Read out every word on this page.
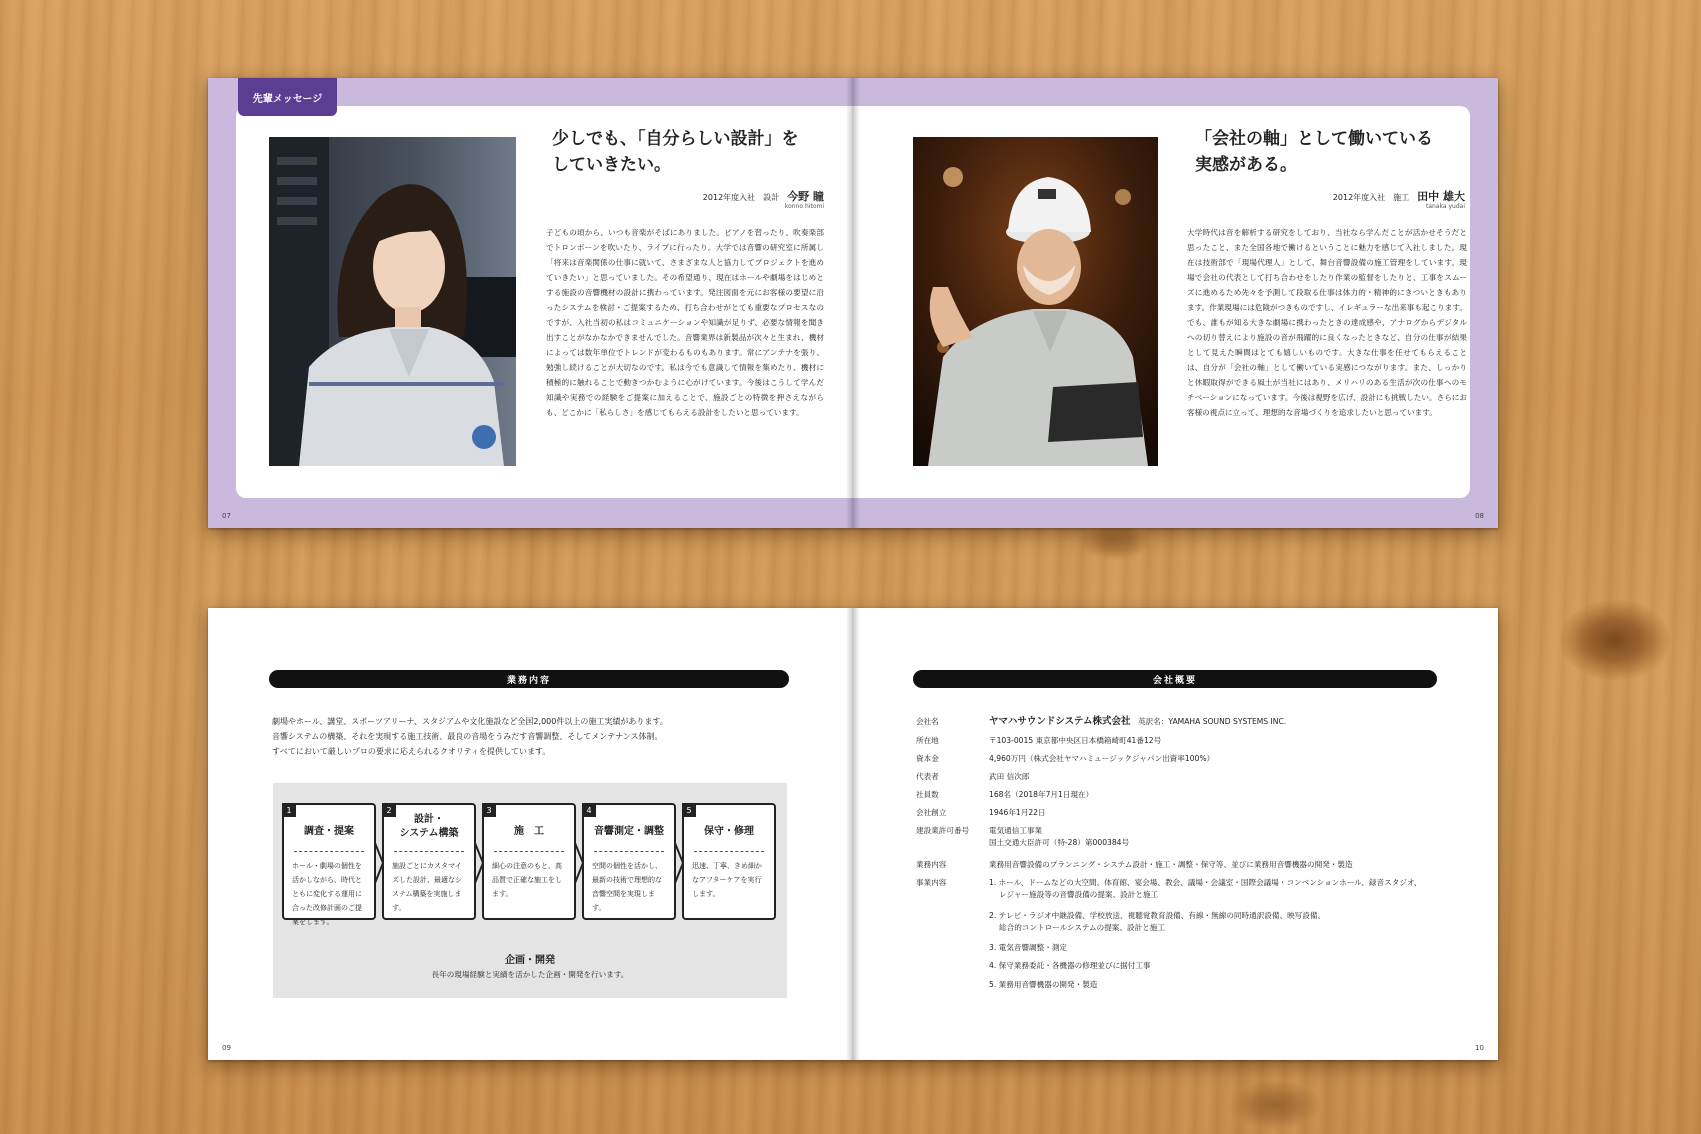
先輩メッセージ
少しでも、「自分らしい設計」を
していきたい。
2012年度入社　設計 今野 瞳
konno hitomi
子どもの頃から、いつも音楽がそばにありました。ピアノを習ったり、吹奏楽部でトロンボーンを吹いたり、ライブに行ったり。大学では音響の研究室に所属し「将来は音楽関係の仕事に就いて、さまざまな人と協力してプロジェクトを進めていきたい」と思っていました。その希望通り、現在はホールや劇場をはじめとする施設の音響機材の設計に携わっています。発注図面を元にお客様の要望に沿ったシステムを検討・ご提案するため、打ち合わせがとても重要なプロセスなのですが、入社当初の私はコミュニケーションや知識が足りず、必要な情報を聞き出すことがなかなかできませんでした。音響業界は新製品が次々と生まれ、機材によっては数年単位でトレンドが変わるものもあります。常にアンテナを張り、勉強し続けることが大切なのです。私は今でも意識して情報を集めたり、機材に積極的に触れることで動きつかむように心がけています。今後はこうして学んだ知識や実務での経験をご提案に加えることで、施設ごとの特徴を押さえながらも、どこかに「私らしさ」を感じてもらえる設計をしたいと思っています。
07
「会社の軸」として働いている
実感がある。
2012年度入社　施工 田中 雄大
tanaka yudai
大学時代は音を解析する研究をしており、当社なら学んだことが活かせそうだと思ったこと、また全国各地で働けるということに魅力を感じて入社しました。現在は技術部で「現場代理人」として、舞台音響設備の施工管理をしています。現場で会社の代表として打ち合わせをしたり作業の監督をしたりと、工事をスムーズに進めるため先々を予測して段取る仕事は体力的・精神的にきついときもあります。作業現場には危険がつきものですし、イレギュラーな出来事も起こります。でも、誰もが知る大きな劇場に携わったときの達成感や、アナログからデジタルへの切り替えにより施設の音が飛躍的に良くなったときなど、自分の仕事が結果として見えた瞬間はとても嬉しいものです。大きな仕事を任せてもらえることは、自分が「会社の軸」として働いている実感につながります。また、しっかりと休暇取得ができる風土が当社にはあり、メリハリのある生活が次の仕事へのモチベーションになっています。今後は視野を広げ、設計にも挑戦したい。さらにお客様の視点に立って、理想的な音場づくりを追求したいと思っています。
08
業務内容
劇場やホール、講堂、スポーツアリーナ、スタジアムや文化施設など全国2,000件以上の施工実績があります。
音響システムの構築、それを実現する施工技術、最良の音場をうみだす音響調整、そしてメンテナンス体制。
すべてにおいて厳しいプロの要求に応えられるクオリティを提供しています。
1
調査・提案
ホール・劇場の個性を活かしながら、時代とともに変化する運用に合った改修計画のご提案をします。
2
設計・
システム構築
施設ごとにカスタマイズした設計、最適なシステム構築を実施します。
3
施　工
細心の注意のもと、高品質で正確な施工をします。
4
音響測定・調整
空間の個性を活かし、最新の技術で理想的な音響空間を実現します。
5
保守・修理
迅速、丁寧、きめ細かなアフターケアを実行します。
企画・開発
長年の現場経験と実績を活かした企画・開発を行います。
09
会社概要
会社名	ヤマハサウンドシステム株式会社　 英訳名：YAMAHA SOUND SYSTEMS INC.
所在地	〒103-0015 東京都中央区日本橋箱崎町41番12号
資本金	4,960万円（株式会社ヤマハミュージックジャパン出資率100%）
代表者	武田 信次郎
社員数	168名（2018年7月1日現在）
会社創立	1946年1月22日
建設業許可番号	電気通信工事業
国土交通大臣許可（特-28）第000384号
業務内容	業務用音響設備のプランニング・システム設計・施工・調整・保守等、並びに業務用音響機器の開発・製造
事業内容	1. ホール、ドームなどの大空間、体育館、宴会場、教会、議場・会議室・国際会議場・コンベンションホール、録音スタジオ、
　 レジャー施設等の音響設備の提案、設計と施工
2. テレビ・ラジオ中継設備、学校放送、視聴覚教育設備、有線・無線の同時通訳設備、映写設備、
　 総合的コントロールシステムの提案、設計と施工
3. 電気音響調整・測定
4. 保守業務委託・各機器の修理並びに据付工事
5. 業務用音響機器の開発・製造
10
